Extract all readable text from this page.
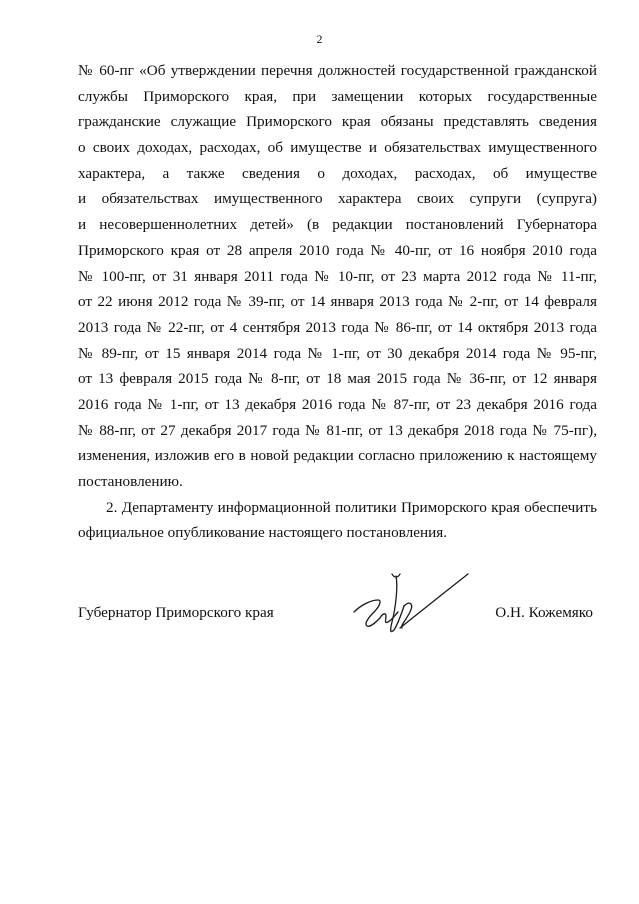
2
№ 60-пг «Об утверждении перечня должностей государственной гражданской
службы Приморского края, при замещении которых государственные
гражданские служащие Приморского края обязаны представлять сведения
о своих доходах, расходах, об имуществе и обязательствах имущественного
характера, а также сведения о доходах, расходах, об имуществе
и обязательствах имущественного характера своих супруги (супруга)
и несовершеннолетних детей» (в редакции постановлений Губернатора
Приморского края от 28 апреля 2010 года № 40-пг, от 16 ноября 2010 года
№ 100-пг, от 31 января 2011 года № 10-пг, от 23 марта 2012 года № 11-пг,
от 22 июня 2012 года № 39-пг, от 14 января 2013 года № 2-пг, от 14 февраля
2013 года № 22-пг, от 4 сентября 2013 года № 86-пг, от 14 октября 2013 года
№ 89-пг, от 15 января 2014 года № 1-пг, от 30 декабря 2014 года № 95-пг,
от 13 февраля 2015 года № 8-пг, от 18 мая 2015 года № 36-пг, от 12 января
2016 года № 1-пг, от 13 декабря 2016 года № 87-пг, от 23 декабря 2016 года
№ 88-пг, от 27 декабря 2017 года № 81-пг, от 13 декабря 2018 года № 75-пг),
изменения, изложив его в новой редакции согласно приложению к настоящему
постановлению.
2. Департаменту информационной политики Приморского края обеспечить
официальное опубликование настоящего постановления.
Губернатор Приморского края	О.Н. Кожемяко
